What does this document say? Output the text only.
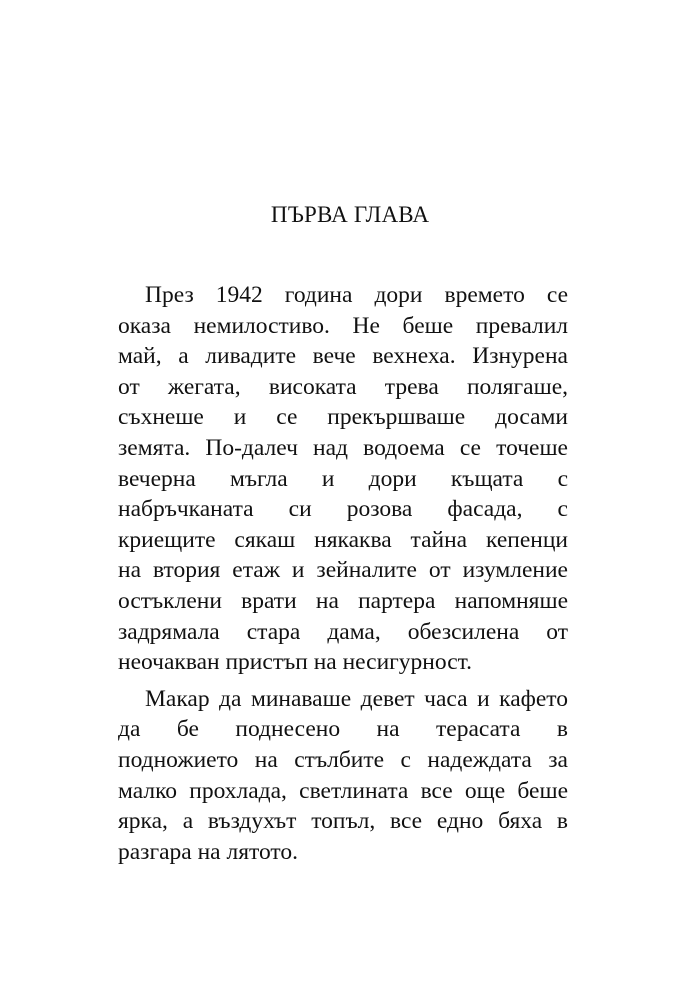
ПЪРВА ГЛАВА
През 1942 година дори времето се
оказа немилостиво. Не беше превалил
май, а ливадите вече вехнеха. Изнурена
от жегата, високата трева полягаше,
съхнеше и се прекършваше досами
земята. По-далеч над водоема се точеше
вечерна мъгла и дори къщата с
набръчканата си розова фасада, с
криещите сякаш някаква тайна кепенци
на втория етаж и зейналите от изумление
остъклени врати на партера напомняше
задрямала стара дама, обезсилена от
неочакван пристъп на несигурност.
Макар да минаваше девет часа и кафето
да бе поднесено на терасата в
подножието на стълбите с надеждата за
малко прохлада, светлината все още беше
ярка, а въздухът топъл, все едно бяха в
разгара на лятото.
